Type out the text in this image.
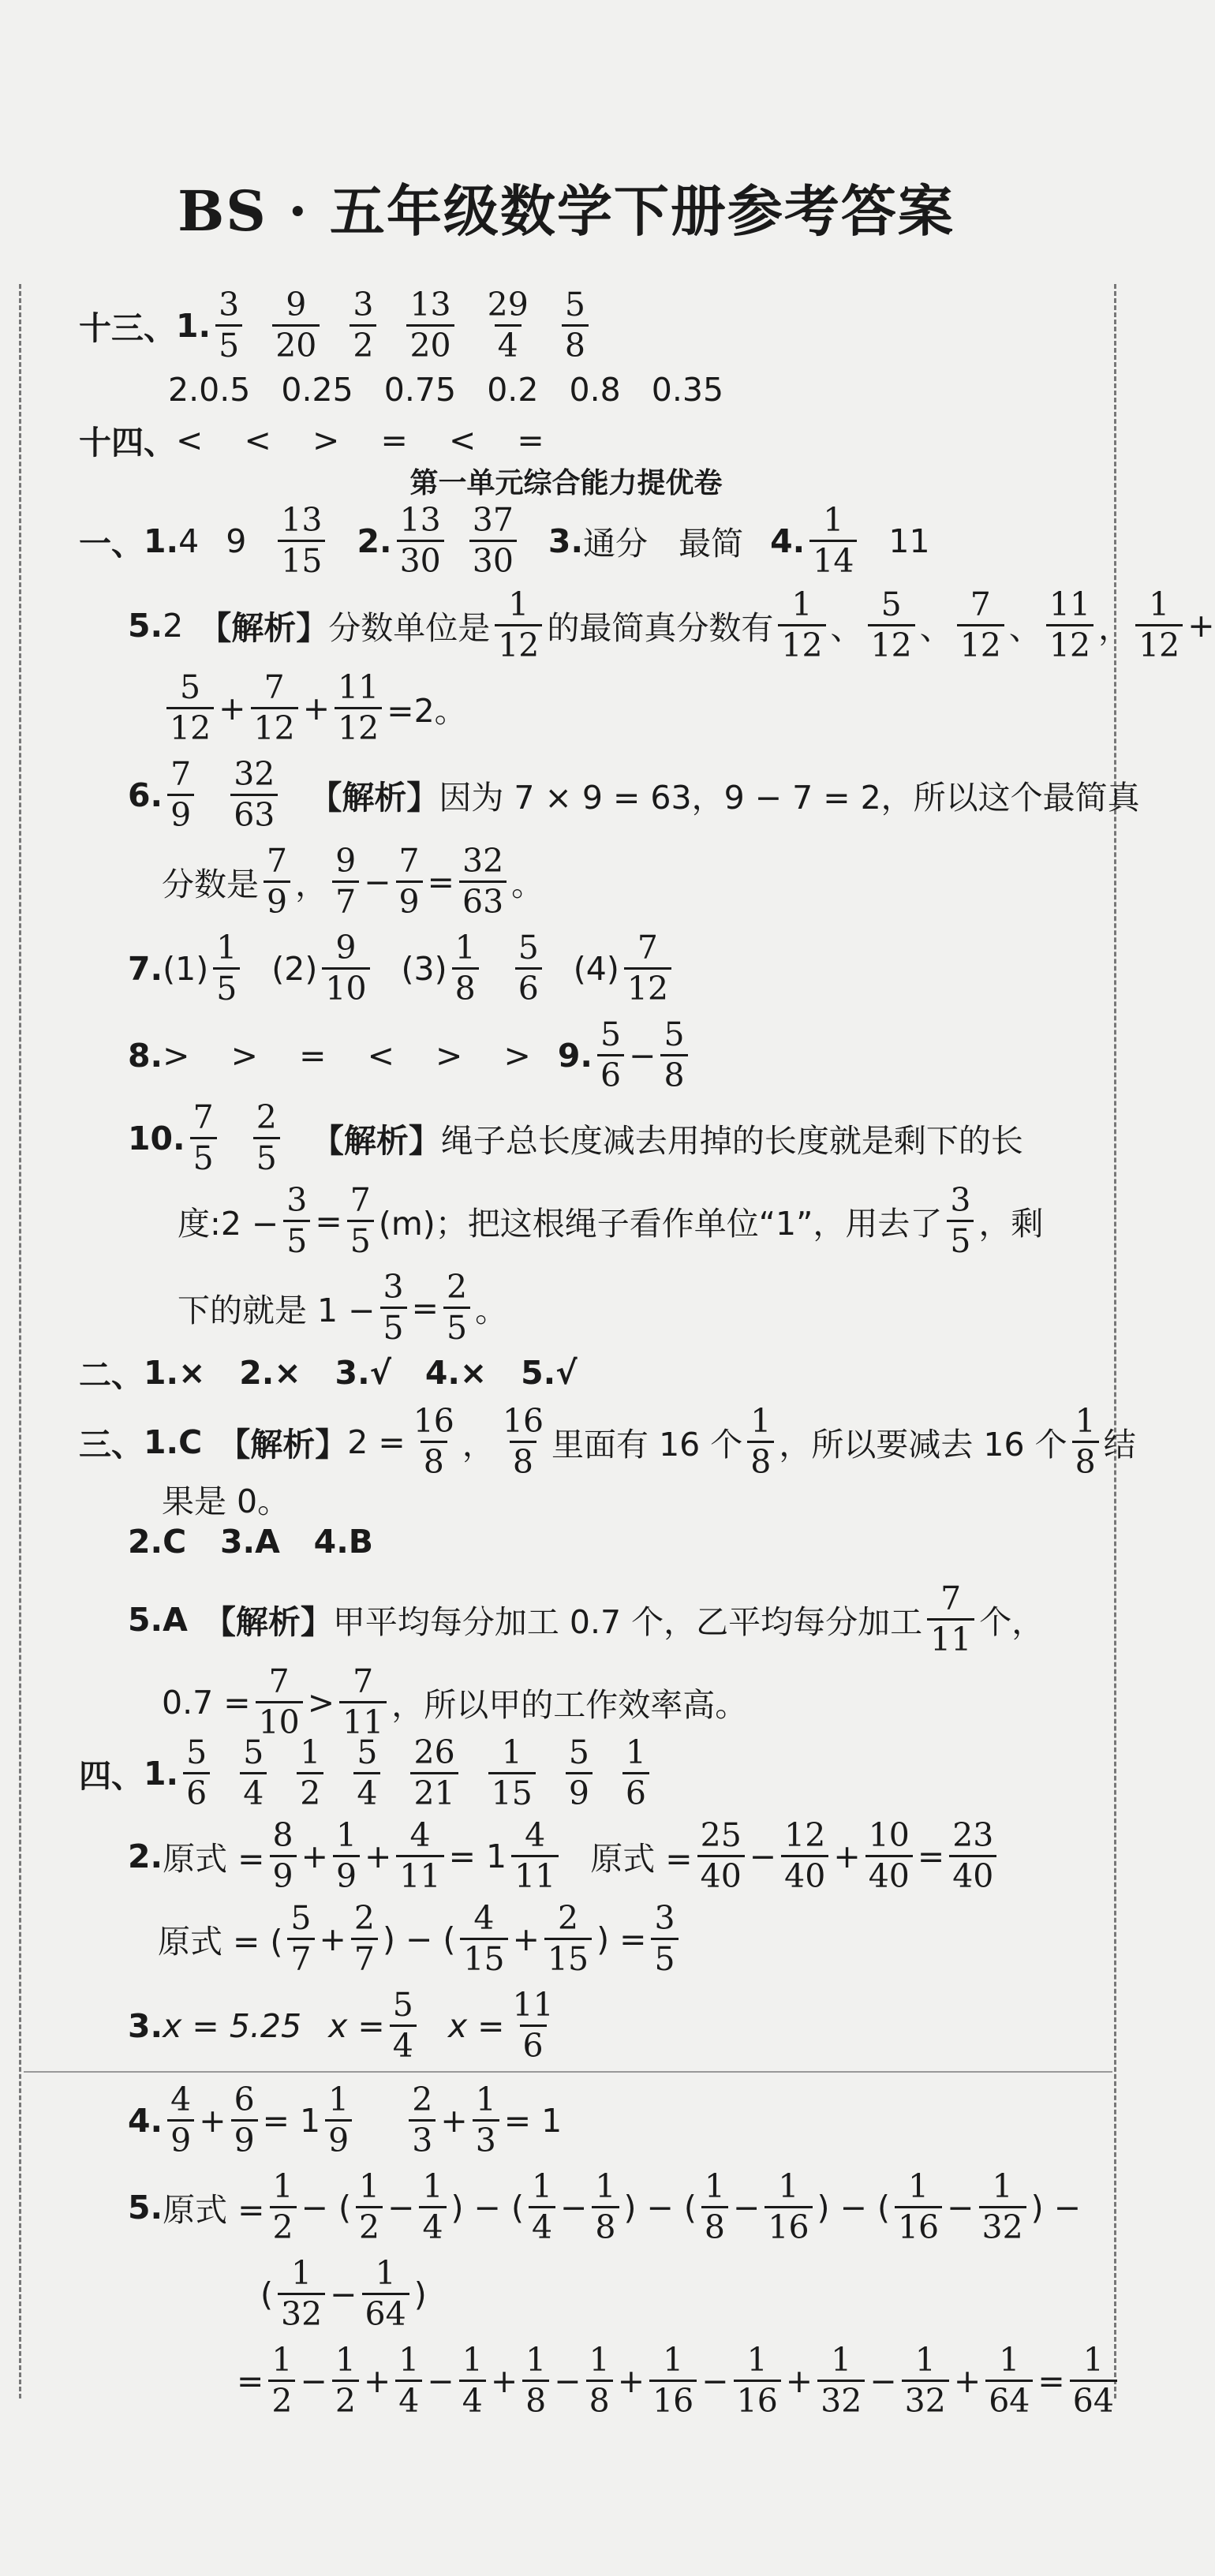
BS · 五年级数学下册参考答案
十三、 1. $\frac{3}{5} \frac{9}{20} \frac{3}{2} \frac{13}{20} \frac{29}{4} \frac{5}{8}$
2.0.5   0.25   0.75   0.2   0.8   0.35
十四、 <    <    >    =    <    =
第一单元综合能力提优卷
一、 1. 4 $9 \frac{13}{15} 2$. $\frac{13}{30} \frac{37}{30} 3$. 通分   最简 4. $\frac{1}{14} 11$
5. 2 【解析】 分数单位是 $\frac{1}{12}$ 的最简真分数有 $\frac{1}{12}$ 、 $\frac{5}{12}$ 、 $\frac{7}{12}$ 、 $\frac{11}{12}$ ， $\frac{1}{12}$ +
$\frac{5}{12} + \frac{7}{12} + \frac{11}{12} =2$。
6. $\frac{7}{9} \frac{32}{63}$ 【解析】 因为 7 × 9 = 63，9 − 7 = 2，所以这个最简真
分数是 $\frac{7}{9}$ ， $\frac{9}{7} - \frac{7}{9} = \frac{32}{63}$ 。
7. $(1) \frac{1}{5} (2) \frac{9}{10} (3) \frac{1}{8} \frac{5}{6} (4) \frac{7}{12}$
8. >    >    =    <    >    > 9. $\frac{5}{6} - \frac{5}{8}$
10. $\frac{7}{5} \frac{2}{5}$ 【解析】 绳子总长度减去用掉的长度就是剩下的长
度:2 − $\frac{3}{5} = \frac{7}{5} (m)$；把这根绳子看作单位“1”，用去了 $\frac{3}{5}$ ，剩
下的就是 $1 - \frac{3}{5} = \frac{2}{5}$ 。
二、 1.×   2.×   3.√   4.×   5.√
三、 1.C 【解析】 $2 = \frac{16}{8}$ ， $\frac{16}{8}$ 里面有 16 个 $\frac{1}{8}$ ，所以要减去 16 个 $\frac{1}{8}$ 结
果是 0。
2.C   3.A   4.B
5.A 【解析】 甲平均每分加工 0.7 个，乙平均每分加工 $\frac{7}{11}$ 个，
$0.7 = \frac{7}{10} > \frac{7}{11}$ ，所以甲的工作效率高。
四、 1. $\frac{5}{6} \frac{5}{4} \frac{1}{2} \frac{5}{4} \frac{26}{21} \frac{1}{15} \frac{5}{9} \frac{1}{6}$
2. 原式 = $\frac{8}{9} + \frac{1}{9} + \frac{4}{11} = 1 \frac{4}{11}$ 原式 = $\frac{25}{40} - \frac{12}{40} + \frac{10}{40} = \frac{23}{40}$
原式 = ( $\frac{5}{7} + \frac{2}{7}$ ) − ( $\frac{4}{15} + \frac{2}{15}$ ) = $\frac{3}{5}$
3. x = 5.25 $x = \frac{5}{4}$ $x = \frac{11}{6}$
4. $\frac{4}{9} + \frac{6}{9} = 1 \frac{1}{9} \frac{2}{3} + \frac{1}{3} = 1$
5. 原式 = $\frac{1}{2}$ − ( $\frac{1}{2} - \frac{1}{4}$ ) − ( $\frac{1}{4} - \frac{1}{8}$ ) − ( $\frac{1}{8} - \frac{1}{16}$ ) − ( $\frac{1}{16} - \frac{1}{32}$ ) −
( $\frac{1}{32} - \frac{1}{64}$ )
= $\frac{1}{2} - \frac{1}{2} + \frac{1}{4} - \frac{1}{4} + \frac{1}{8} - \frac{1}{8} + \frac{1}{16} - \frac{1}{16} + \frac{1}{32} - \frac{1}{32} + \frac{1}{64} = \frac{1}{64}$
